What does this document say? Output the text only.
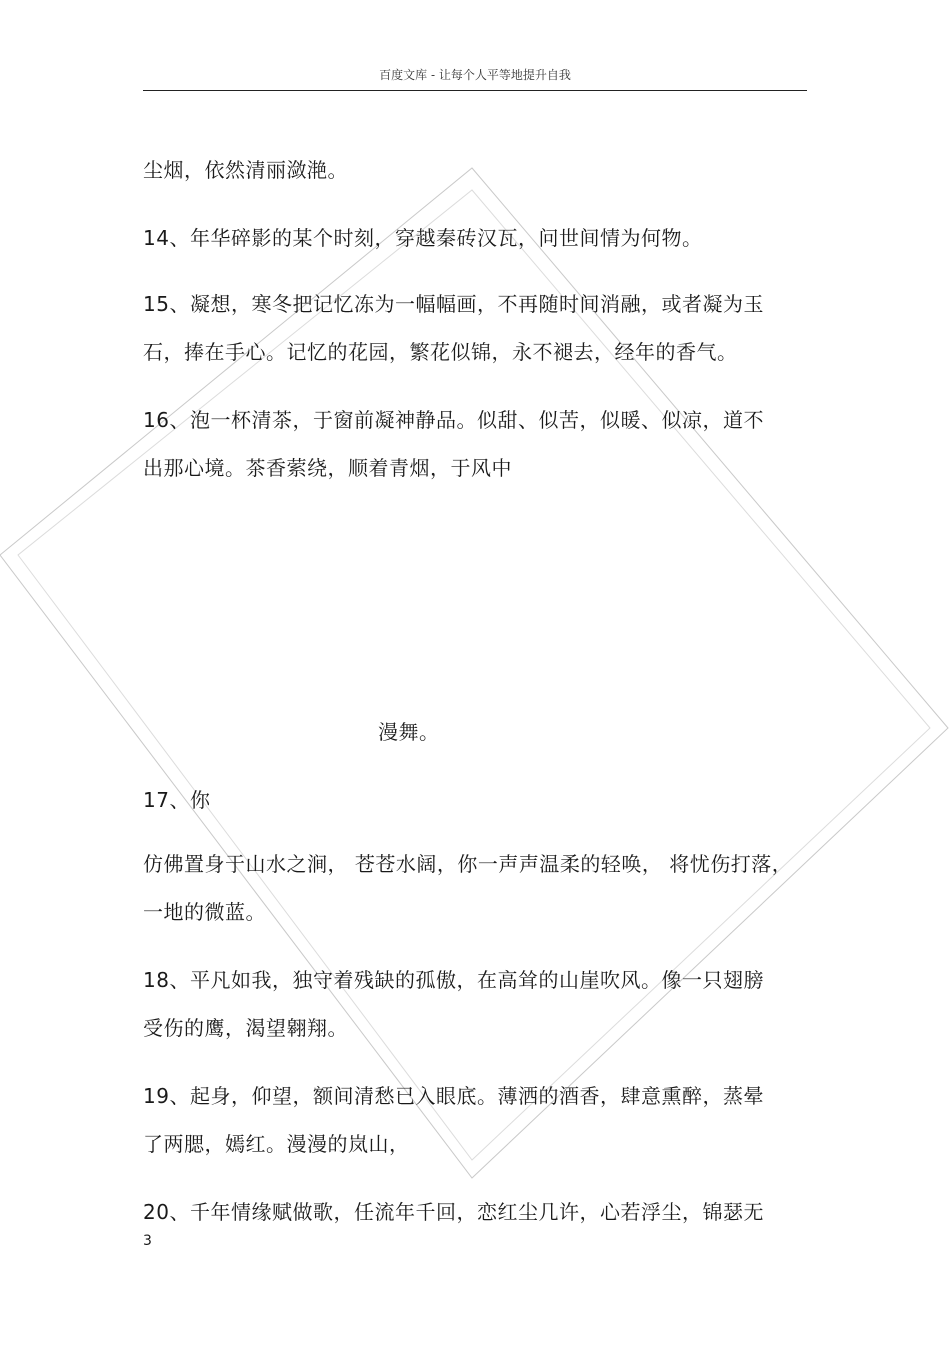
百度文库 - 让每个人平等地提升自我
尘烟，依然清丽潋滟。
14、年华碎影的某个时刻，穿越秦砖汉瓦，问世间情为何物。
15、凝想，寒冬把记忆冻为一幅幅画，不再随时间消融，或者凝为玉
石，捧在手心。记忆的花园，繁花似锦，永不褪去，经年的香气。
16、泡一杯清茶，于窗前凝神静品。似甜、似苦，似暖、似凉，道不
出那心境。茶香萦绕，顺着青烟，于风中
漫舞。
17、你
仿佛置身于山水之涧， 苍苍水阔，你一声声温柔的轻唤， 将忧伤打落，
一地的微蓝。
18、平凡如我，独守着残缺的孤傲，在高耸的山崖吹风。像一只翅膀
受伤的鹰，渴望翱翔。
19、起身，仰望，额间清愁已入眼底。薄洒的酒香，肆意熏醉，蒸晕
了两腮，嫣红。漫漫的岚山，
20、千年情缘赋做歌，任流年千回，恋红尘几许，心若浮尘，锦瑟无
3
